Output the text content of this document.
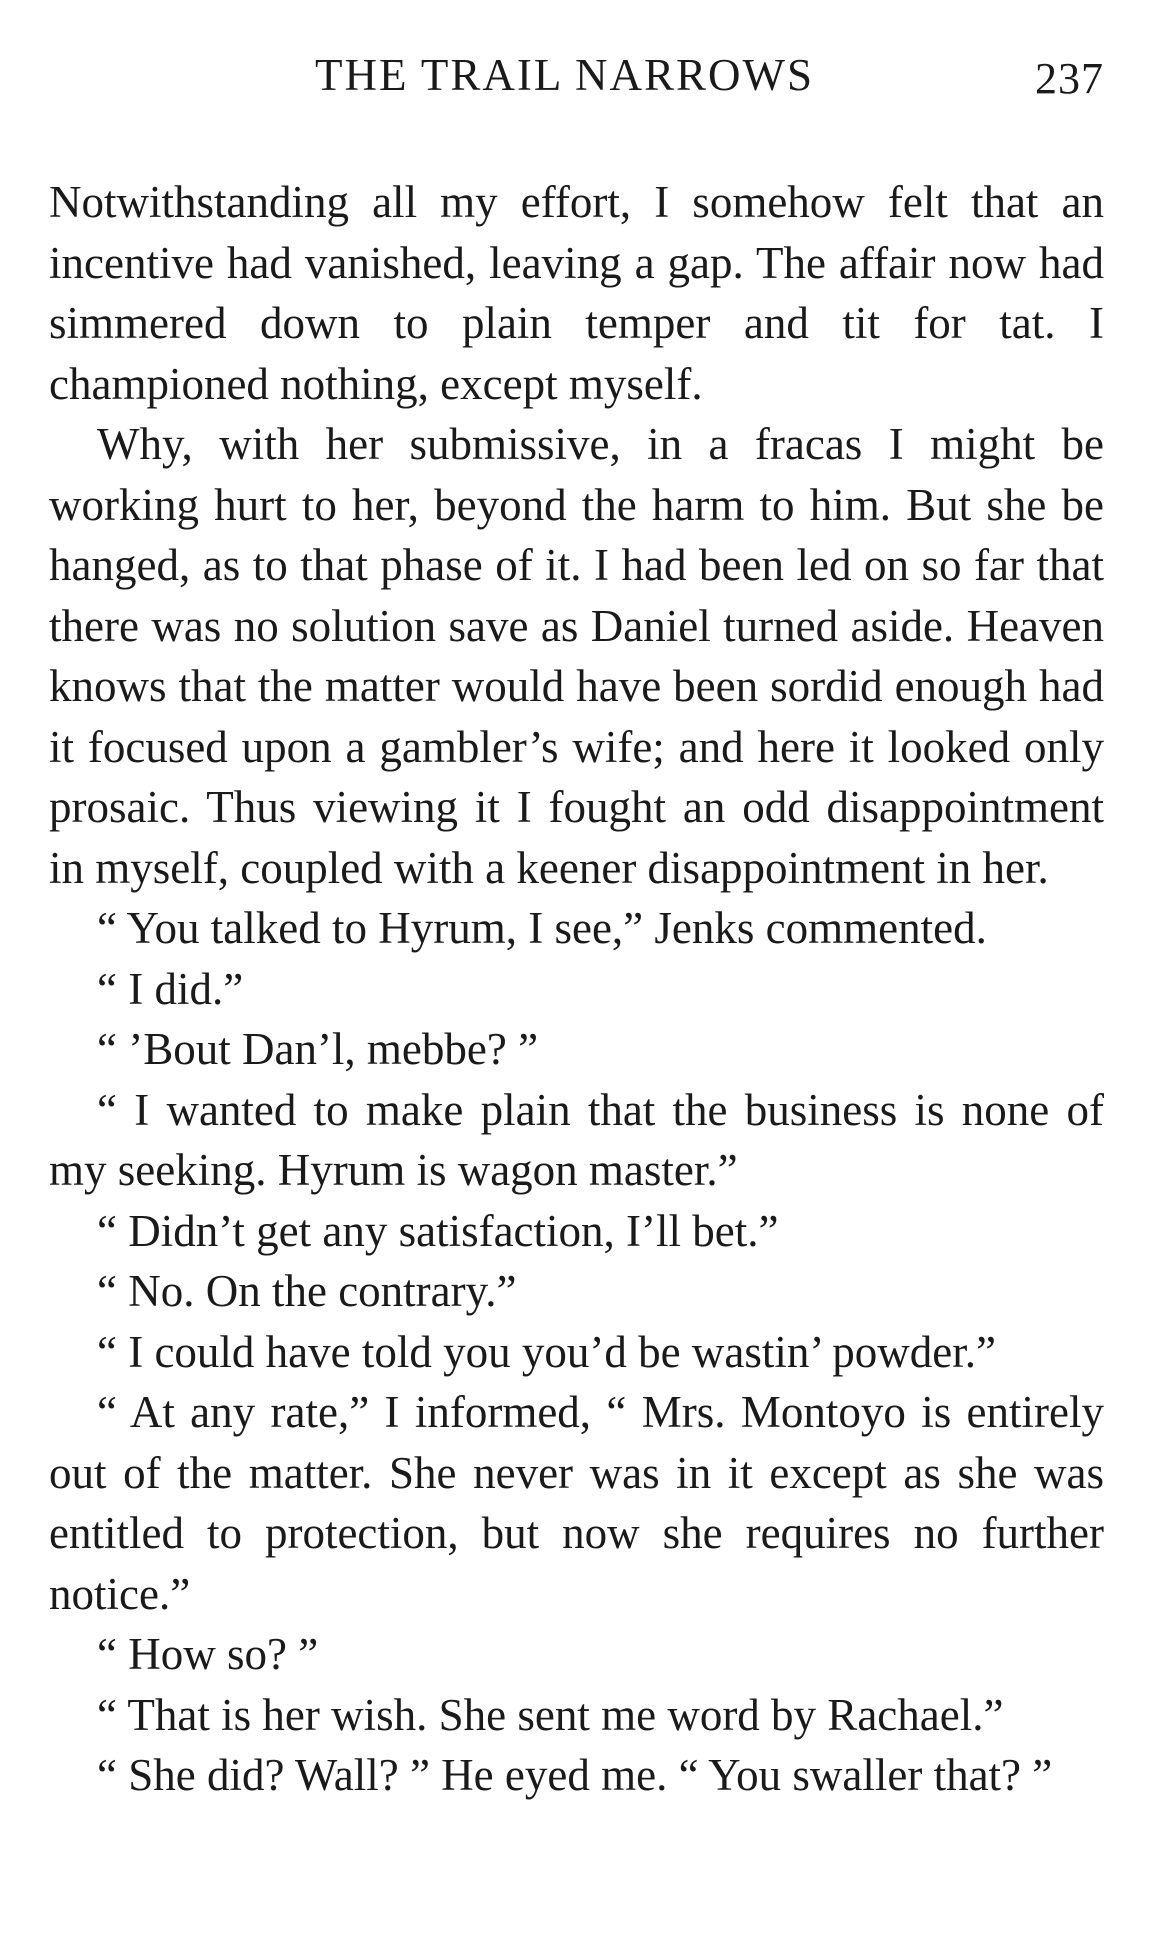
THE TRAIL NARROWS	237

Notwithstanding all my effort, I somehow felt that an incentive had vanished, leaving a gap. The affair now had simmered down to plain temper and tit for tat. I championed nothing, except myself.

Why, with her submissive, in a fracas I might be working hurt to her, beyond the harm to him. But she be hanged, as to that phase of it. I had been led on so far that there was no solution save as Daniel turned aside. Heaven knows that the matter would have been sordid enough had it focused upon a gambler’s wife; and here it looked only prosaic. Thus viewing it I fought an odd disappointment in myself, coupled with a keener disappointment in her.

“ You talked to Hyrum, I see,” Jenks commented.

“ I did.”

“ ’Bout Dan’l, mebbe? ”

“ I wanted to make plain that the business is none of my seeking. Hyrum is wagon master.”

“ Didn’t get any satisfaction, I’ll bet.”

“ No. On the contrary.”

“ I could have told you you’d be wastin’ powder.”

“ At any rate,” I informed, “ Mrs. Montoyo is entirely out of the matter. She never was in it except as she was entitled to protection, but now she requires no further notice.”

“ How so? ”

“ That is her wish. She sent me word by Rachael.”

“ She did? Wall? ” He eyed me. “ You swaller that? ”
